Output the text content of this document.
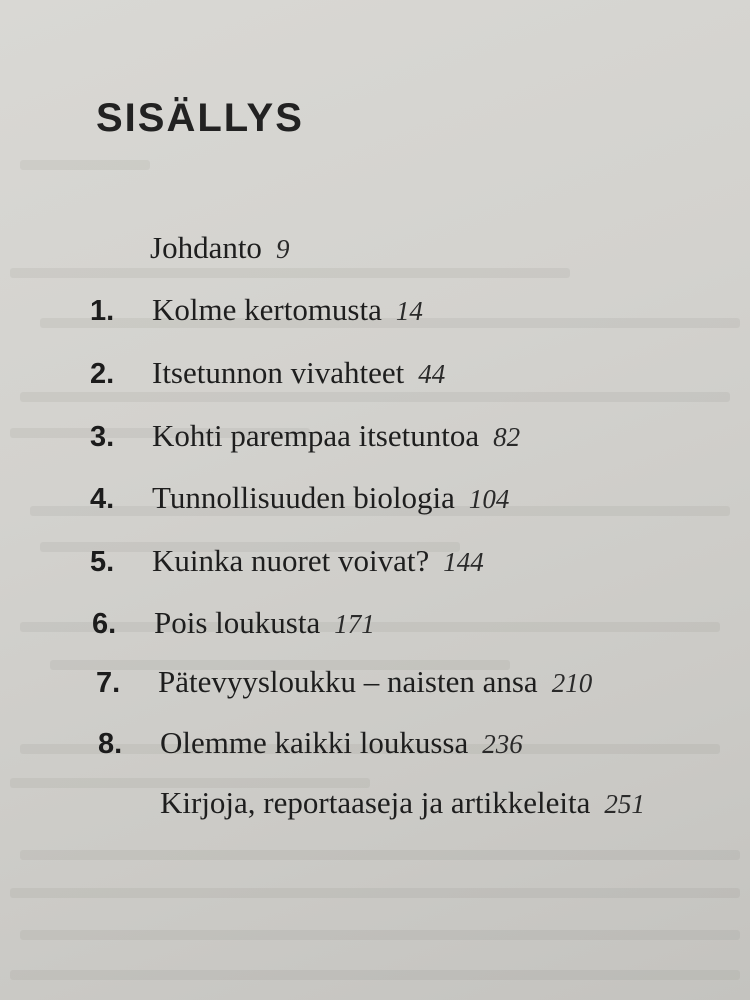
SISÄLLYS
Johdanto 9
1.	Kolme kertomusta 14
2.	Itsetunnon vivahteet 44
3.	Kohti parempaa itsetuntoa 82
4.	Tunnollisuuden biologia 104
5.	Kuinka nuoret voivat? 144
6.	Pois loukusta 171
7.	Pätevyysloukku – naisten ansa 210
8.	Olemme kaikki loukussa 236
Kirjoja, reportaaseja ja artikkeleita 251
